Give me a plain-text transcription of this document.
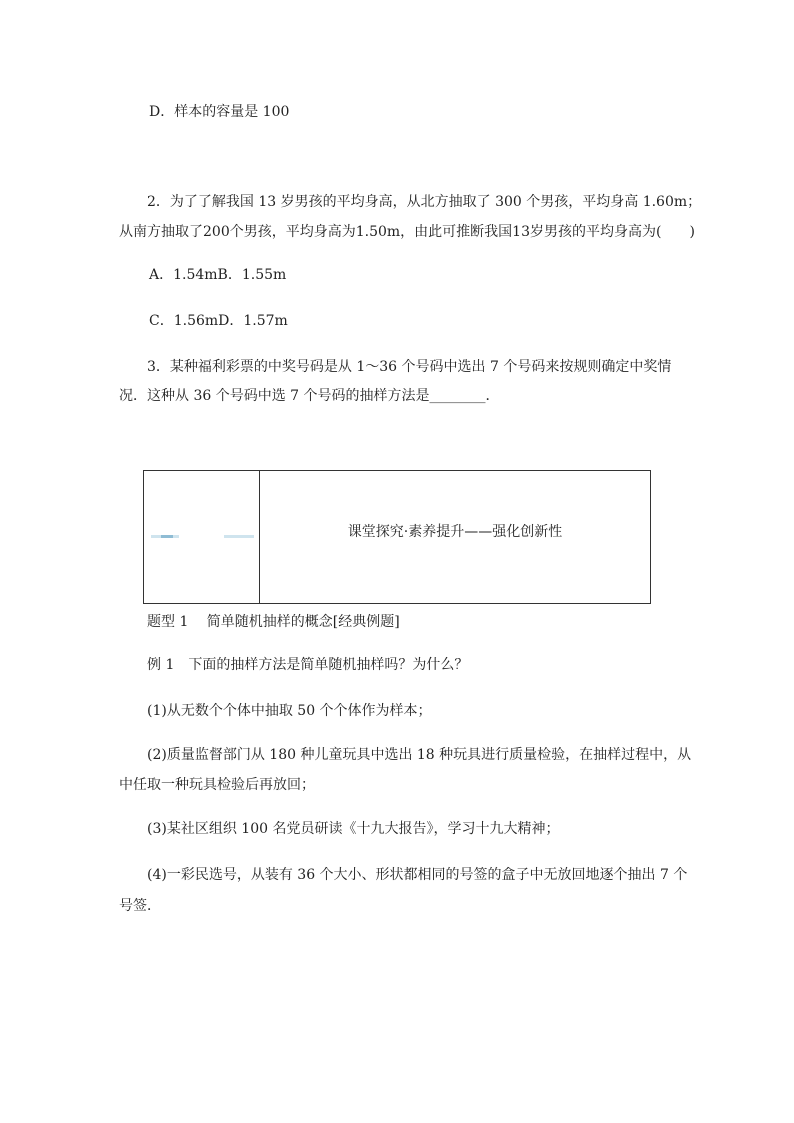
D．样本的容量是 100
2．为了了解我国 13 岁男孩的平均身高，从北方抽取了 300 个男孩，平均身高 1.60m；
从南方抽取了200个男孩，平均身高为1.50m，由此可推断我国13岁男孩的平均身高为(　　)
A．1.54mB．1.55m
C．1.56mD．1.57m
3．某种福利彩票的中奖号码是从 1～36 个号码中选出 7 个号码来按规则确定中奖情
况．这种从 36 个号码中选 7 个号码的抽样方法是________．
课堂探究·素养提升——强化创新性
题型 1　 简单随机抽样的概念[经典例题]
例 1　下面的抽样方法是简单随机抽样吗？为什么？
(1)从无数个个体中抽取 50 个个体作为样本；
(2)质量监督部门从 180 种儿童玩具中选出 18 种玩具进行质量检验，在抽样过程中，从
中任取一种玩具检验后再放回；
(3)某社区组织 100 名党员研读《十九大报告》，学习十九大精神；
(4)一彩民选号，从装有 36 个大小、形状都相同的号签的盒子中无放回地逐个抽出 7 个
号签．
